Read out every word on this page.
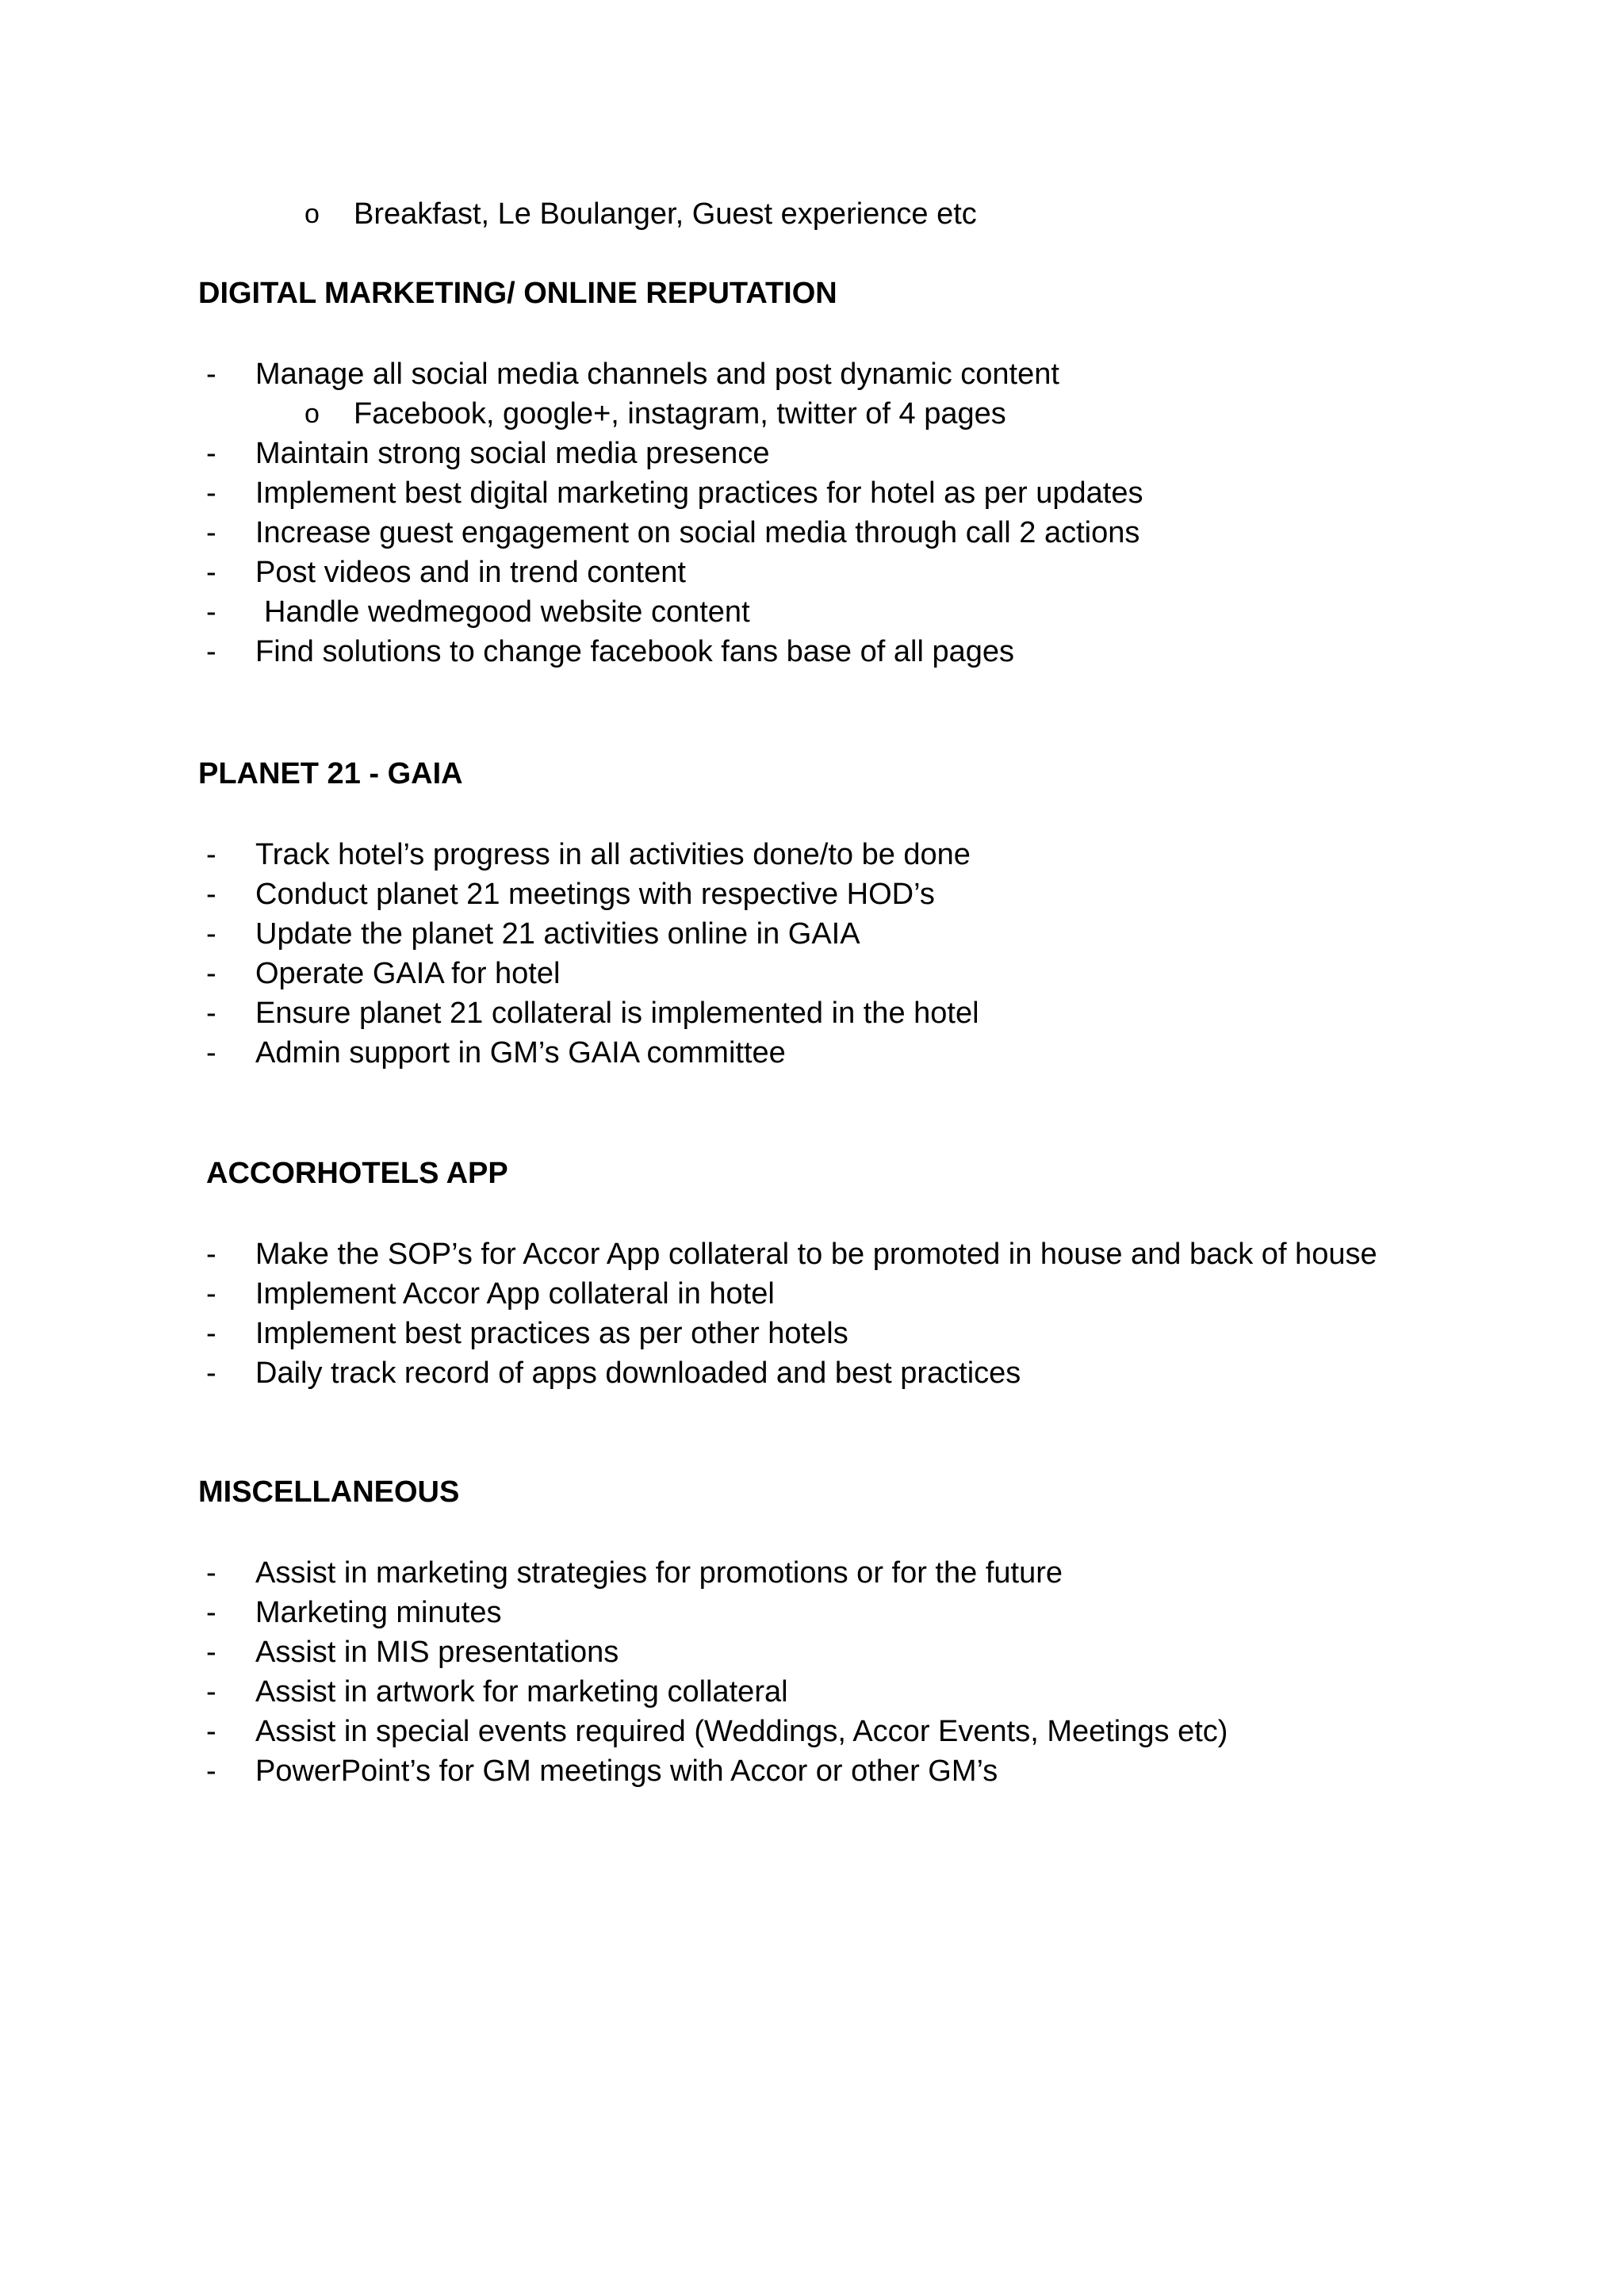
o Breakfast, Le Boulanger, Guest experience etc
DIGITAL MARKETING/ ONLINE REPUTATION
- Manage all social media channels and post dynamic content
o Facebook, google+, instagram, twitter of 4 pages
- Maintain strong social media presence
- Implement best digital marketing practices for hotel as per updates
- Increase guest engagement on social media through call 2 actions
- Post videos and in trend content
- Handle wedmegood website content
- Find solutions to change facebook fans base of all pages
PLANET 21 - GAIA
- Track hotel’s progress in all activities done/to be done
- Conduct planet 21 meetings with respective HOD’s
- Update the planet 21 activities online in GAIA
- Operate GAIA for hotel
- Ensure planet 21 collateral is implemented in the hotel
- Admin support in GM’s GAIA committee
ACCORHOTELS APP
- Make the SOP’s for Accor App collateral to be promoted in house and back of house
- Implement Accor App collateral in hotel
- Implement best practices as per other hotels
- Daily track record of apps downloaded and best practices
MISCELLANEOUS
- Assist in marketing strategies for promotions or for the future
- Marketing minutes
- Assist in MIS presentations
- Assist in artwork for marketing collateral
- Assist in special events required (Weddings, Accor Events, Meetings etc)
- PowerPoint’s for GM meetings with Accor or other GM’s
